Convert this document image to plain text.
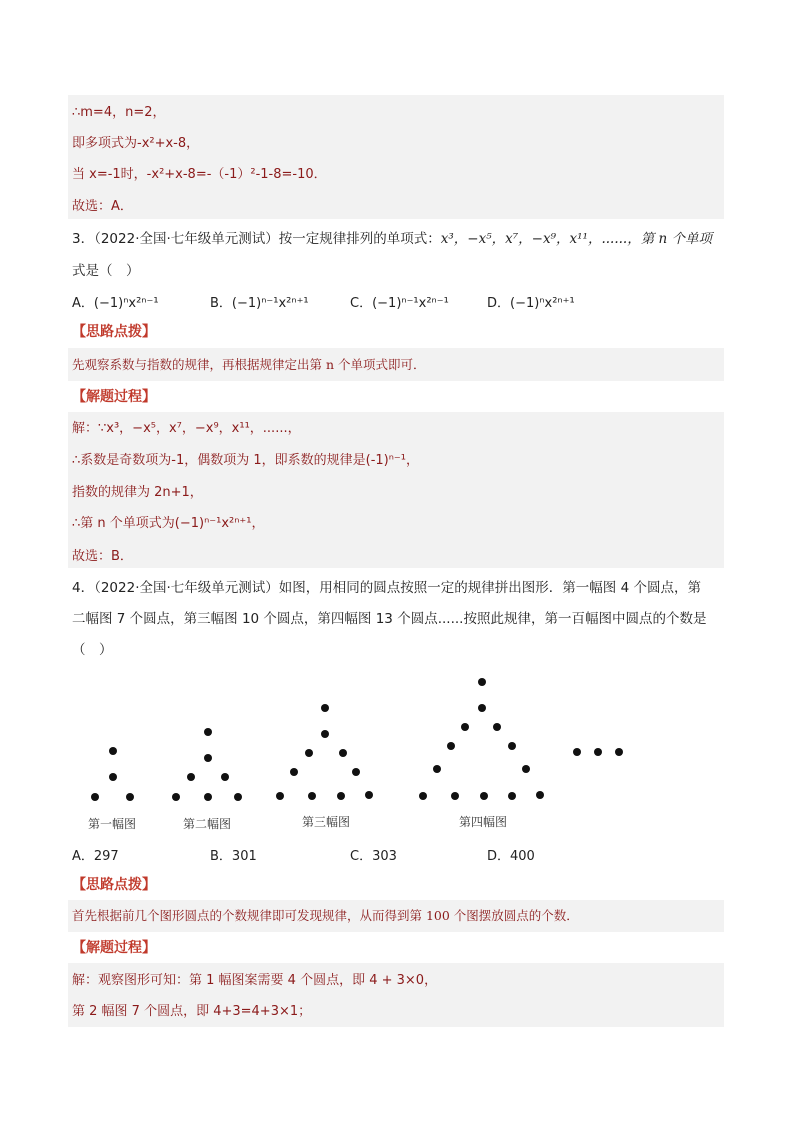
∴m=4，n=2，
即多项式为-x²+x-8，
当 x=-1时，-x²+x-8=-（-1）²-1-8=-10．
故选：A．
3．（2022·全国·七年级单元测试）按一定规律排列的单项式：x³，−x⁵，x⁷，−x⁹，x¹¹，......，第 n 个单项
式是（　）
A．(−1)ⁿx²ⁿ⁻¹	B．(−1)ⁿ⁻¹x²ⁿ⁺¹	C．(−1)ⁿ⁻¹x²ⁿ⁻¹	D．(−1)ⁿx²ⁿ⁺¹
【思路点拨】
先观察系数与指数的规律，再根据规律定出第 n 个单项式即可．
【解题过程】
解：∵x³，−x⁵，x⁷，−x⁹，x¹¹，......，
∴系数是奇数项为-1，偶数项为 1，即系数的规律是(-1)ⁿ⁻¹，
指数的规律为 2n+1，
∴第 n 个单项式为(−1)ⁿ⁻¹x²ⁿ⁺¹，
故选：B．
4．（2022·全国·七年级单元测试）如图，用相同的圆点按照一定的规律拼出图形．第一幅图 4 个圆点，第
二幅图 7 个圆点，第三幅图 10 个圆点，第四幅图 13 个圆点......按照此规律，第一百幅图中圆点的个数是
（　）
第一幅图	第二幅图	第三幅图	第四幅图
A．297	B．301	C．303	D．400
【思路点拨】
首先根据前几个图形圆点的个数规律即可发现规律，从而得到第 100 个图摆放圆点的个数．
【解题过程】
解：观察图形可知：第 1 幅图案需要 4 个圆点，即 4 + 3×0，
第 2 幅图 7 个圆点，即 4+3=4+3×1；
